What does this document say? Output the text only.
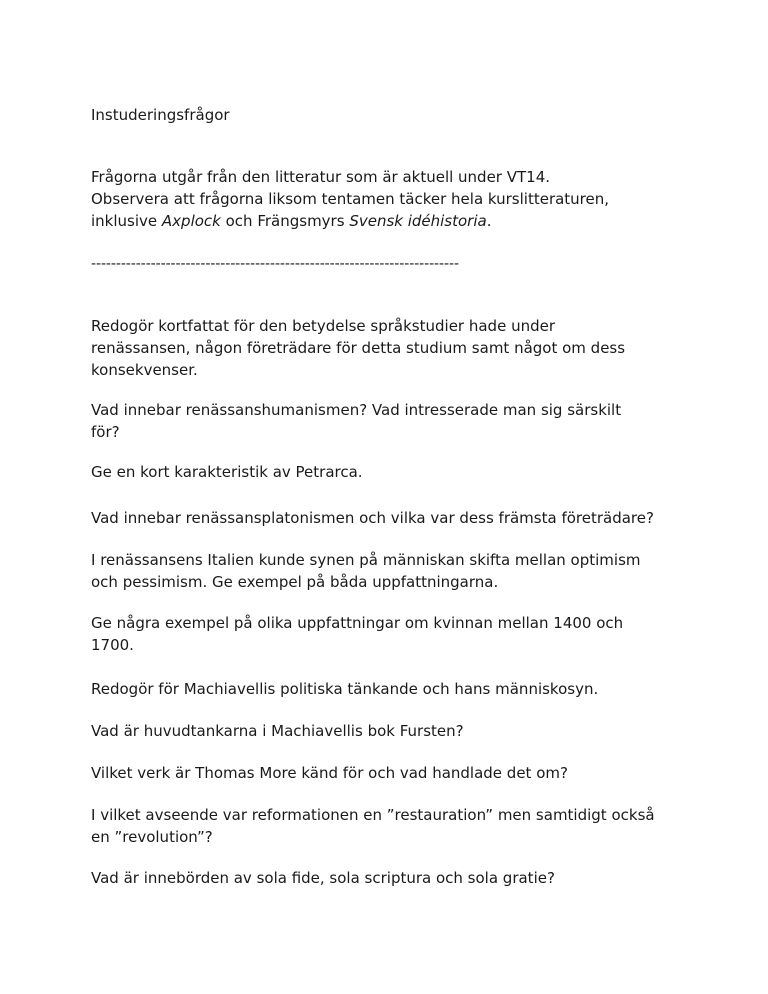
Instuderingsfrågor

Frågorna utgår från den litteratur som är aktuell under VT14.

Observera att frågorna liksom tentamen täcker hela kurslitteraturen,

inklusive Axplock och Frängsmyrs Svensk idéhistoria.

--------------------------------------------------------------------------

Redogör kortfattat för den betydelse språkstudier hade under
renässansen, någon företrädare för detta studium samt något om dess
konsekvenser.
Vad innebar renässanshumanismen? Vad intresserade man sig särskilt
för?
Ge en kort karakteristik av Petrarca.
Vad innebar renässansplatonismen och vilka var dess främsta företrädare?
I renässansens Italien kunde synen på människan skifta mellan optimism
och pessimism. Ge exempel på båda uppfattningarna.
Ge några exempel på olika uppfattningar om kvinnan mellan 1400 och
1700.
Redogör för Machiavellis politiska tänkande och hans människosyn.
Vad är huvudtankarna i Machiavellis bok Fursten?
Vilket verk är Thomas More känd för och vad handlade det om?
I vilket avseende var reformationen en ”restauration” men samtidigt också
en ”revolution”?
Vad är innebörden av sola fide, sola scriptura och sola gratie?
